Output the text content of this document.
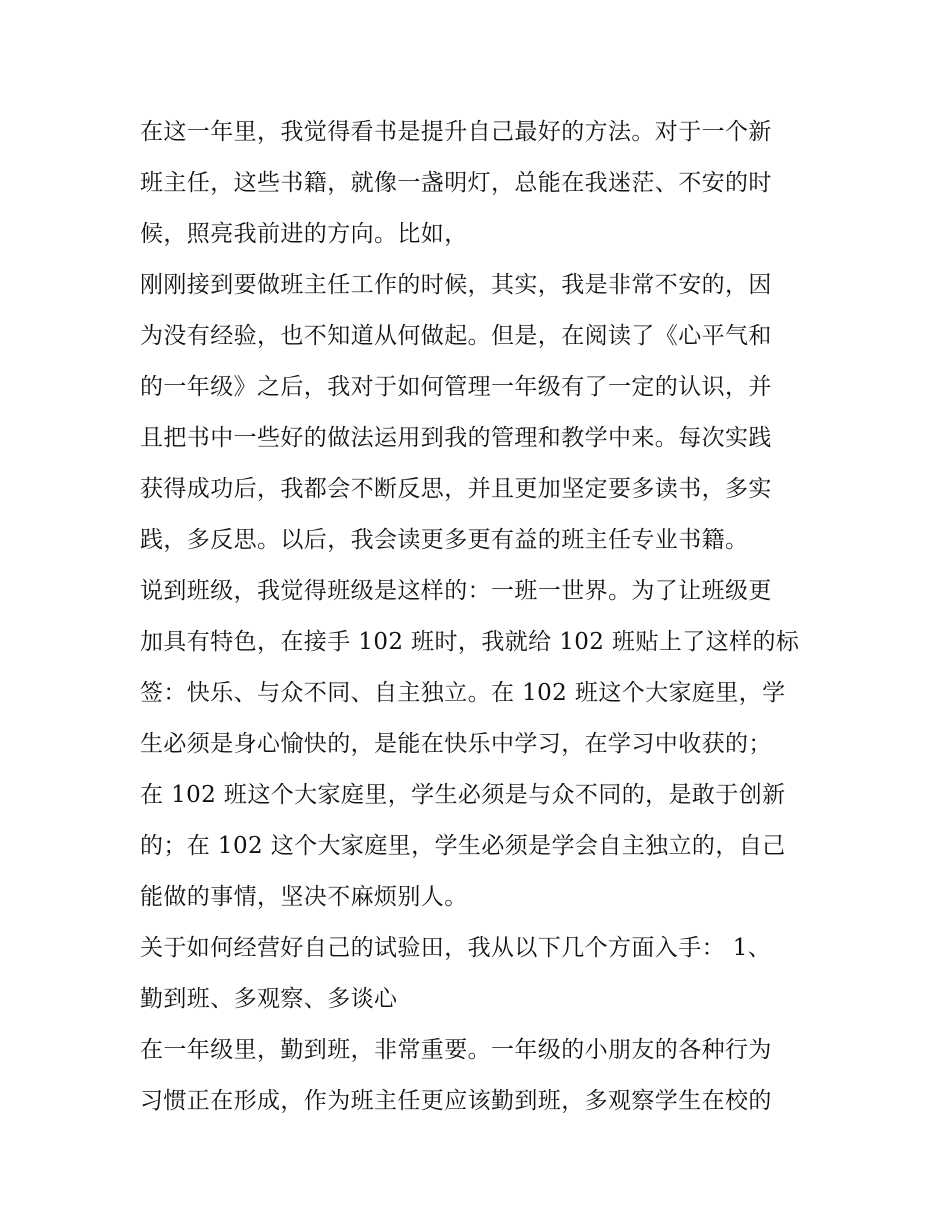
在这一年里，我觉得看书是提升自己最好的方法。对于一个新
班主任，这些书籍，就像一盏明灯，总能在我迷茫、不安的时
候，照亮我前进的方向。比如，
刚刚接到要做班主任工作的时候，其实，我是非常不安的，因
为没有经验，也不知道从何做起。但是，在阅读了《心平气和
的一年级》之后，我对于如何管理一年级有了一定的认识，并
且把书中一些好的做法运用到我的管理和教学中来。每次实践
获得成功后，我都会不断反思，并且更加坚定要多读书，多实
践，多反思。以后，我会读更多更有益的班主任专业书籍。
说到班级，我觉得班级是这样的：一班一世界。为了让班级更
加具有特色，在接手 102 班时，我就给 102 班贴上了这样的标
签：快乐、与众不同、自主独立。在 102 班这个大家庭里，学
生必须是身心愉快的，是能在快乐中学习，在学习中收获的；
在 102 班这个大家庭里，学生必须是与众不同的，是敢于创新
的；在 102 这个大家庭里，学生必须是学会自主独立的，自己
能做的事情，坚决不麻烦别人。
关于如何经营好自己的试验田，我从以下几个方面入手： 1、
勤到班、多观察、多谈心
在一年级里，勤到班，非常重要。一年级的小朋友的各种行为
习惯正在形成，作为班主任更应该勤到班，多观察学生在校的
